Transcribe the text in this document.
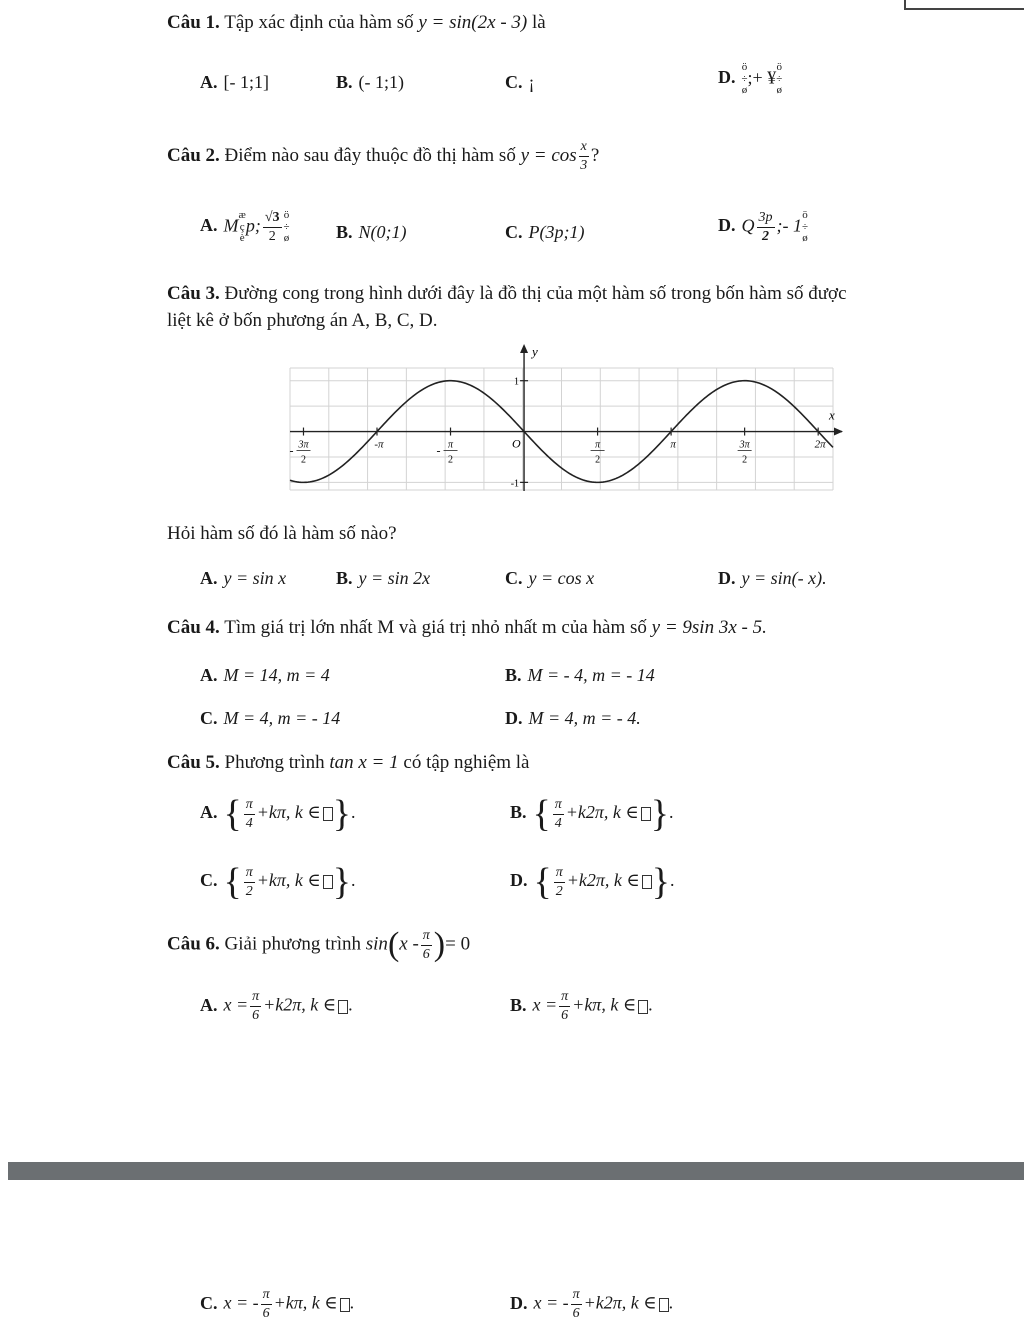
Câu 1. Tập xác định của hàm số y = sin(2x - 3) là
A. [- 1;1]	B. (- 1;1)	C. ¡	D.ö
÷
ø;+ ¥ö
÷
ø
Câu 2. Điểm nào sau đây thuộc đồ thị hàm số $y = \cos \frac{x}{3}$ ?
A. Mæ
ç
èp; $\frac{√3}{2}$ ö
÷
ø	B. N(0;1)	C. P(3p;1)	D. Q $\frac{3p}{2}$ ;- 1ö
÷
ø
Câu 3. Đường cong trong hình dưới đây là đồ thị của một hàm số trong bốn hàm số được
liệt kê ở bốn phương án A, B, C, D.
y
x
O
- 3π
2
-π	- π
2
π
2
π	3π
2
2π
1
-1
Hỏi hàm số đó là hàm số nào?
A. y = sin x	B. y = sin 2x	C. y = cos x	D. y = sin(- x).
Câu 4. Tìm giá trị lớn nhất M và giá trị nhỏ nhất m của hàm số y = 9sin 3x - 5.
A. M = 14, m = 4	B. M = - 4, m = - 14
C. M = 4, m = - 14	D. M = 4, m = - 4.
Câu 5. Phương trình tan x = 1 có tập nghiệm là
A. { $\frac{\pi}{4} +k\pi$, k ∈ }.	B. { $\frac{\pi}{4} +k2\pi$, k ∈ }.
C. { $\frac{\pi}{2} +k\pi$, k ∈ }.	D. { $\frac{\pi}{2} +k2\pi$, k ∈ }.
Câu 6. Giải phương trình $\sin(x - \frac{\pi}{6}$ )= 0
A. $x = \frac{\pi}{6} +k2\pi$, k ∈ .	B. $x = \frac{\pi}{6} +k\pi$, k ∈ .
C. x = - $\frac{\pi}{6} +k\pi$, k ∈ .	D. x = - $\frac{\pi}{6} +k2\pi$, k ∈ .
